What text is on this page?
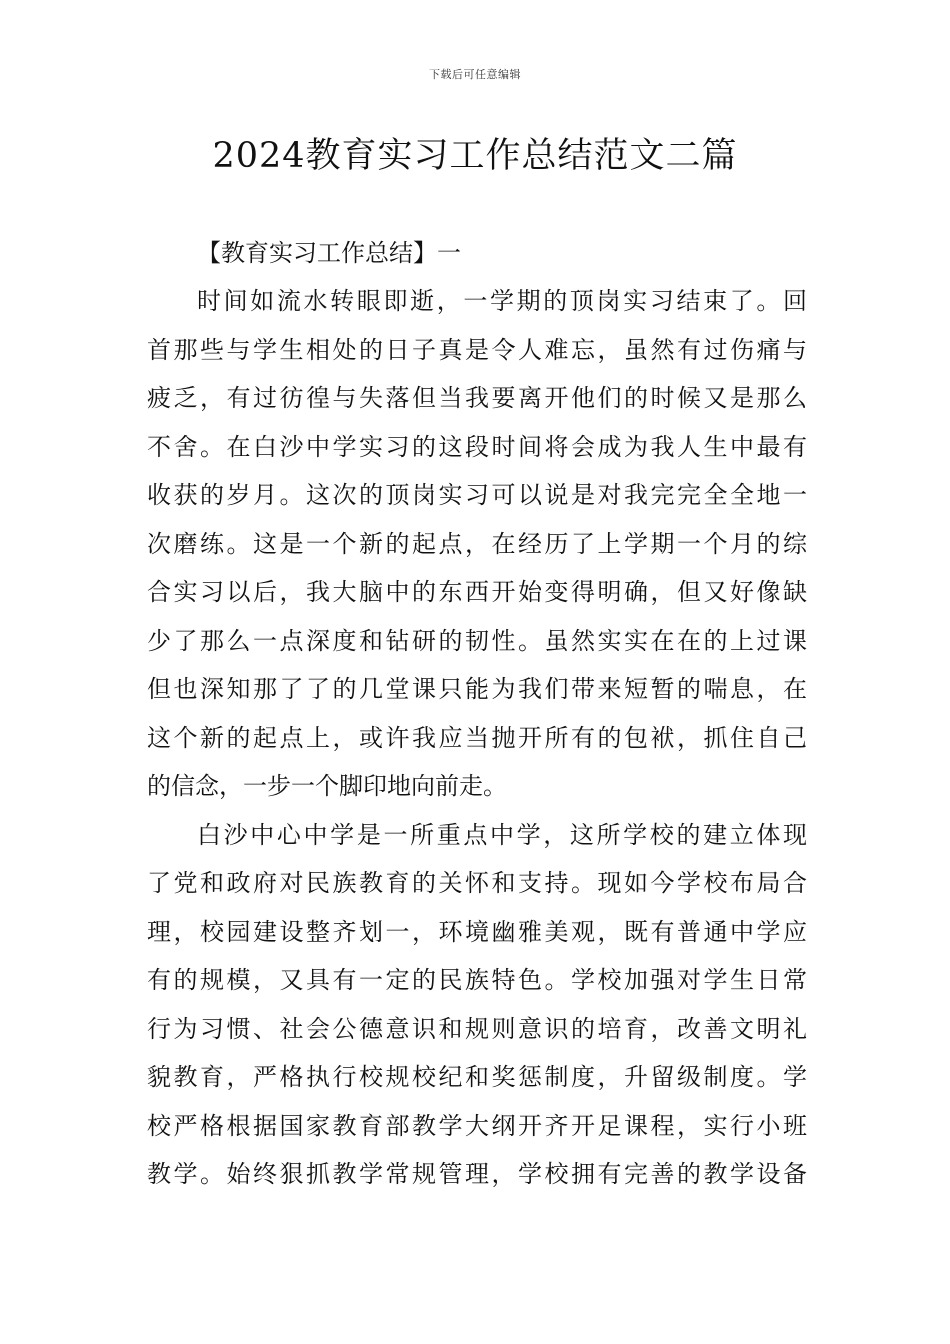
下载后可任意编辑
2024教育实习工作总结范文二篇
【教育实习工作总结】一
时间如流水转眼即逝，一学期的顶岗实习结束了。回
首那些与学生相处的日子真是令人难忘，虽然有过伤痛与
疲乏，有过彷徨与失落但当我要离开他们的时候又是那么
不舍。在白沙中学实习的这段时间将会成为我人生中最有
收获的岁月。这次的顶岗实习可以说是对我完完全全地一
次磨练。这是一个新的起点，在经历了上学期一个月的综
合实习以后，我大脑中的东西开始变得明确，但又好像缺
少了那么一点深度和钻研的韧性。虽然实实在在的上过课
但也深知那了了的几堂课只能为我们带来短暂的喘息，在
这个新的起点上，或许我应当抛开所有的包袱，抓住自己
的信念，一步一个脚印地向前走。
白沙中心中学是一所重点中学，这所学校的建立体现
了党和政府对民族教育的关怀和支持。现如今学校布局合
理，校园建设整齐划一，环境幽雅美观，既有普通中学应
有的规模，又具有一定的民族特色。学校加强对学生日常
行为习惯、社会公德意识和规则意识的培育，改善文明礼
貌教育，严格执行校规校纪和奖惩制度，升留级制度。学
校严格根据国家教育部教学大纲开齐开足课程，实行小班
教学。始终狠抓教学常规管理，学校拥有完善的教学设备
